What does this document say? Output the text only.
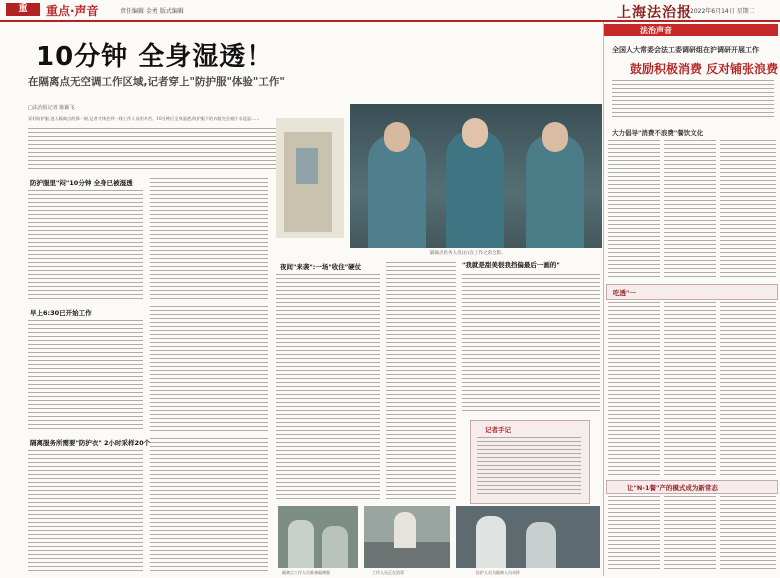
重	重点·声音	责任编辑 金勇 版式编辑	上海法治报
2022年6月14日 星期二
10分钟 全身湿透！
在隔离点无空调工作区域,记者穿上"防护服"体验"工作"
□法治报记者 陈颖飞
穿好防护服,进入隔离点的那一刻,记者才体会到一线工作人员的辛苦。10分钟后全身湿透,防护服下的衣服完全被汗水浸湿……
防护服里"闷"10分钟 全身已被湿透
早上6:30已开始工作
隔离服务所需要"防护衣" 2小时采样20个
隔离点医务人员(右)在工作之余合影。
夜间"来袭":一场"收住"硬仗	"我就是甜美很我挡偏最后一画的"
记者手记
隔离点工作人员准备隔离服	工作人员正在消毒	医护人员为隔离人员采样
法治声音
全国人大常委会法工委调研组在沪调研开展工作
鼓励积极消费 反对铺张浪费
大力倡导"消费不浪费"餐饮文化
吃透"一
让"N-1餐"产的模式成为新常态
